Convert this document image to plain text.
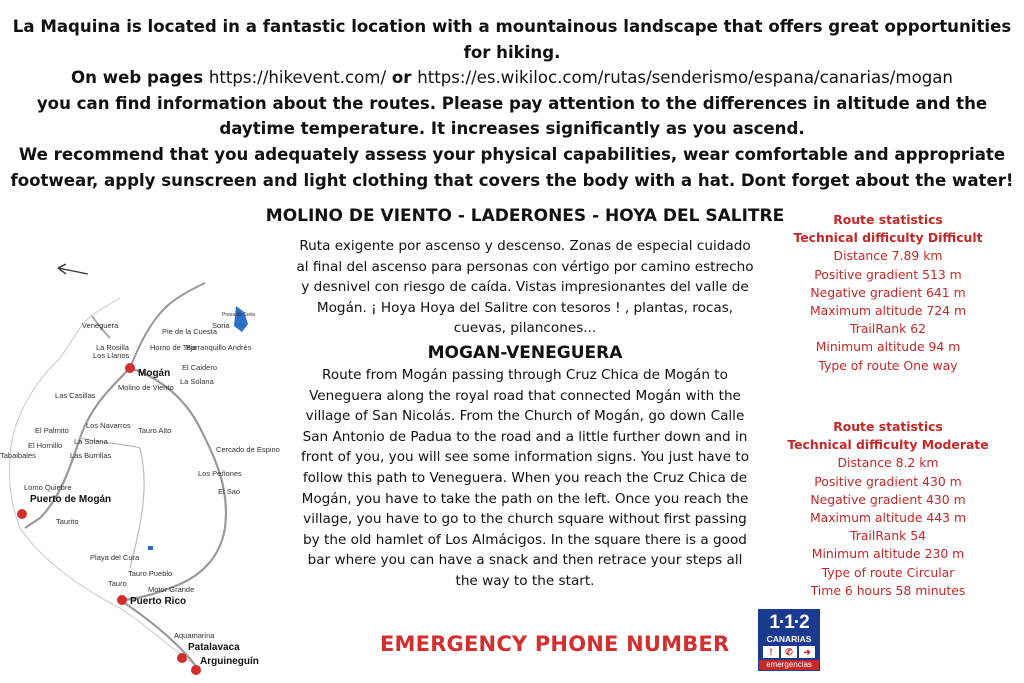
La Maquina is located in a fantastic location with a mountainous landscape that offers great opportunities for hiking.
On web pages https://hikevent.com/ or https://es.wikiloc.com/rutas/senderismo/espana/canarias/mogan
you can find information about the routes. Please pay attention to the differences in altitude and the daytime temperature. It increases significantly as you ascend.
We recommend that you adequately assess your physical capabilities, wear comfortable and appropriate footwear, apply sunscreen and light clothing that covers the body with a hat. Dont forget about the water!
Veneguera
La Rosilla
Los Llanos
Pie de la Cuesta
Horno de Teja
Barranquillo Andrés
Soria
Presa de Soria
Mogán
El Caidero
La Solana
Molino de Viento
Las Casillas
El Palmito
Los Navarros
Tauro Alto
El Hornillo La Solana
Tabaibales	Las Burrillas
Cercado de Espino
Los Peñones
El Sao
Lomo Quiebre
Puerto de Mogán
Taurito
Playa del Cura
Tauro
Tauro Pueblo
Motor Grande
Puerto Rico
Aquamarina
Patalavaca
Arguineguín
MOLINO DE VIENTO - LADERONES - HOYA DEL SALITRE

Ruta exigente por ascenso y descenso. Zonas de especial cuidado al final del ascenso para personas con vértigo por camino estrecho y desnivel con riesgo de caída. Vistas impresionantes del valle de Mogán. ¡ Hoya Hoya del Salitre con tesoros ! , plantas, rocas, cuevas, pilancones...

MOGAN-VENEGUERA

Route from Mogán passing through Cruz Chica de Mogán to Veneguera along the royal road that connected Mogán with the village of San Nicolás. From the Church of Mogán, go down Calle San Antonio de Padua to the road and a little further down and in front of you, you will see some information signs. You just have to follow this path to Veneguera. When you reach the Cruz Chica de Mogán, you have to take the path on the left. Once you reach the village, you have to go to the church square without first passing by the old hamlet of Los Almácigos. In the square there is a good bar where you can have a snack and then retrace your steps all the way to the start.

Route statistics
Technical difficulty Difficult
Distance 7.89 km
Positive gradient 513 m
Negative gradient 641 m
Maximum altitude 724 m
TrailRank 62
Minimum altitude 94 m
Type of route One way
Route statistics
Technical difficulty Moderate
Distance 8.2 km
Positive gradient 430 m
Negative gradient 430 m
Maximum altitude 443 m
TrailRank 54
Minimum altitude 230 m
Type of route Circular
Time 6 hours 58 minutes
EMERGENCY PHONE NUMBER
1·1·2
CANARIAS
!	✆	➜
emergencias
